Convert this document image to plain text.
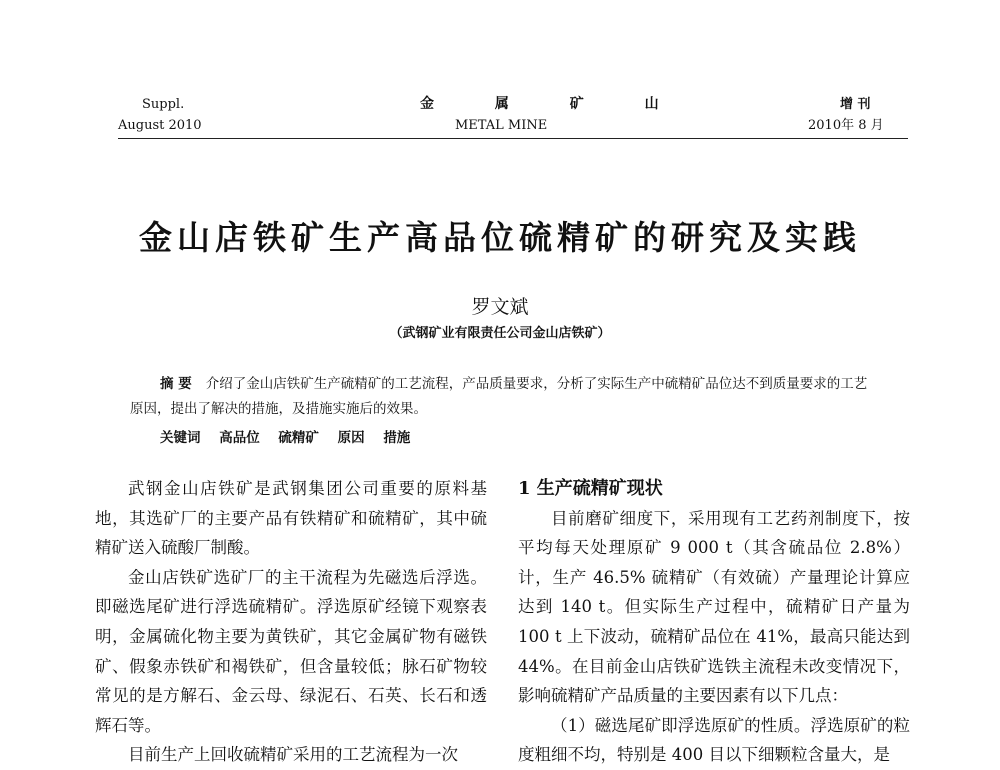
Suppl.
August 2010
金 属 矿 山
METAL MINE
增 刊
2010年 8 月
金山店铁矿生产高品位硫精矿的研究及实践
罗文斌
（武钢矿业有限责任公司金山店铁矿）
摘 要 介绍了金山店铁矿生产硫精矿的工艺流程，产品质量要求，分析了实际生产中硫精矿品位达不到质量要求的工艺原因，提出了解决的措施，及措施实施后的效果。
关键词 高品位 硫精矿 原因 措施

武钢金山店铁矿是武钢集团公司重要的原料基地，其选矿厂的主要产品有铁精矿和硫精矿，其中硫精矿送入硫酸厂制酸。

金山店铁矿选矿厂的主干流程为先磁选后浮选。即磁选尾矿进行浮选硫精矿。浮选原矿经镜下观察表明，金属硫化物主要为黄铁矿，其它金属矿物有磁铁矿、假象赤铁矿和褐铁矿，但含量较低；脉石矿物较常见的是方解石、金云母、绿泥石、石英、长石和透辉石等。

目前生产上回收硫精矿采用的工艺流程为一次

1 生产硫精矿现状

目前磨矿细度下，采用现有工艺药剂制度下，按平均每天处理原矿 9 000 t（其含硫品位 2.8%）计，生产 46.5% 硫精矿（有效硫）产量理论计算应达到 140 t。但实际生产过程中，硫精矿日产量为 100 t 上下波动，硫精矿品位在 41%，最高只能达到 44%。在目前金山店铁矿选铁主流程未改变情况下，影响硫精矿产品质量的主要因素有以下几点：

（1）磁选尾矿即浮选原矿的性质。浮选原矿的粒度粗细不均，特别是 400 目以下细颗粒含量大，是
